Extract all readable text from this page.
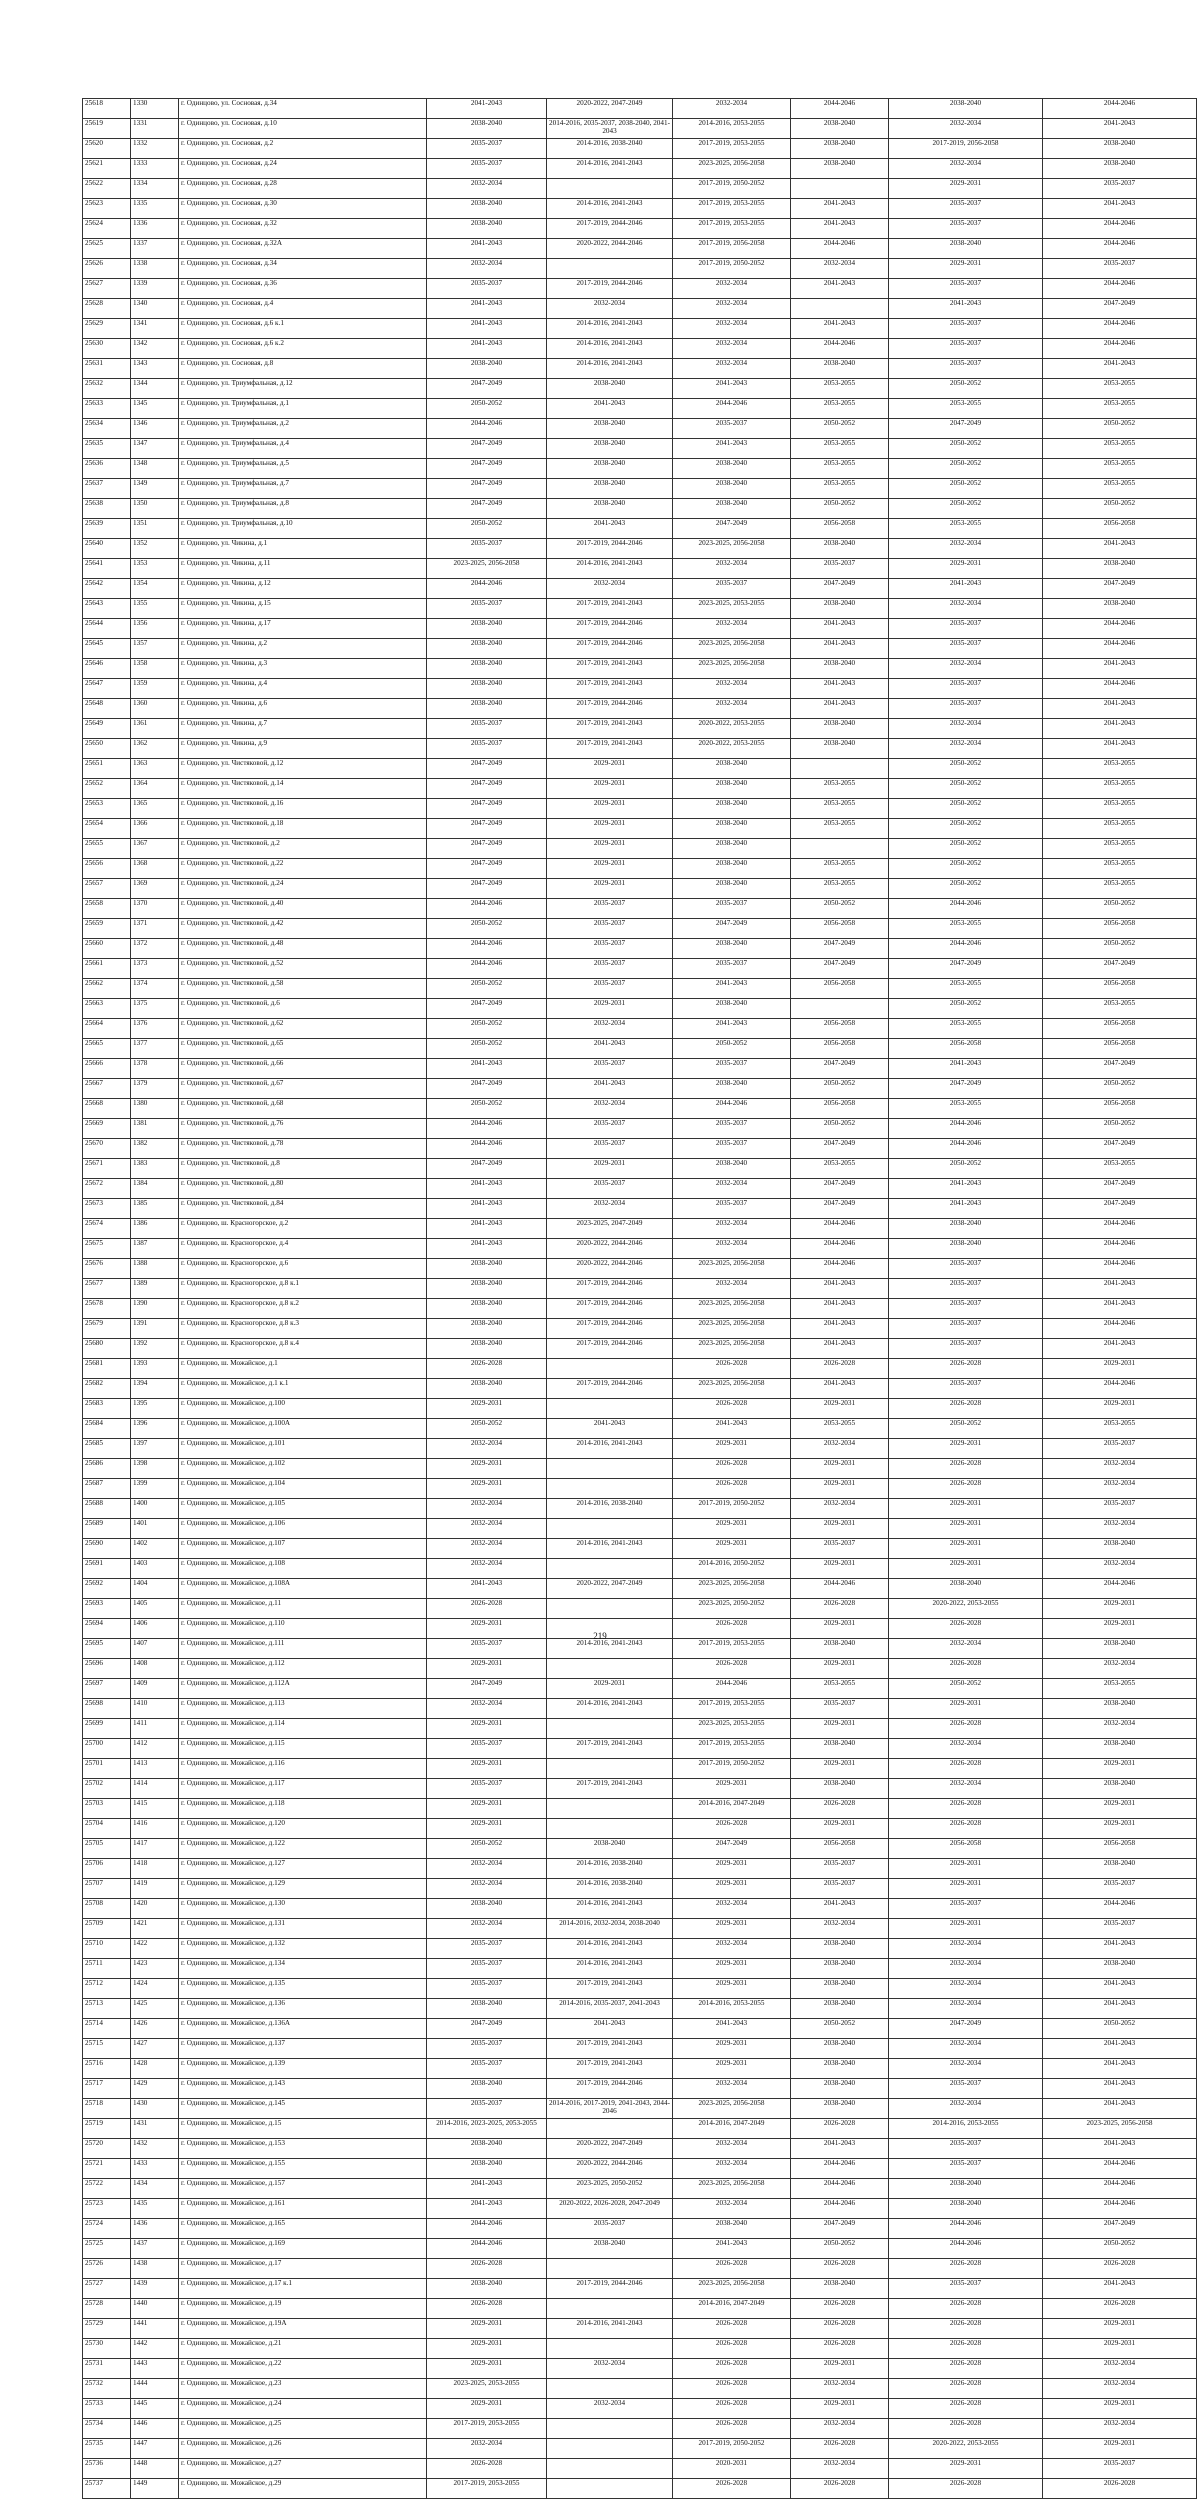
25618	1330	г. Одинцово, ул. Сосновая, д.34	2041-2043	2020-2022, 2047-2049	2032-2034	2044-2046	2038-2040	2044-2046
25619	1331	г. Одинцово, ул. Сосновая, д.10	2038-2040	2014-2016, 2035-2037, 2038-2040, 2041-2043	2014-2016, 2053-2055	2038-2040	2032-2034	2041-2043
25620	1332	г. Одинцово, ул. Сосновая, д.2	2035-2037	2014-2016, 2038-2040	2017-2019, 2053-2055	2038-2040	2017-2019, 2056-2058	2038-2040
25621	1333	г. Одинцово, ул. Сосновая, д.24	2035-2037	2014-2016, 2041-2043	2023-2025, 2056-2058	2038-2040	2032-2034	2038-2040
25622	1334	г. Одинцово, ул. Сосновая, д.28	2032-2034		2017-2019, 2050-2052		2029-2031	2035-2037
25623	1335	г. Одинцово, ул. Сосновая, д.30	2038-2040	2014-2016, 2041-2043	2017-2019, 2053-2055	2041-2043	2035-2037	2041-2043
25624	1336	г. Одинцово, ул. Сосновая, д.32	2038-2040	2017-2019, 2044-2046	2017-2019, 2053-2055	2041-2043	2035-2037	2044-2046
25625	1337	г. Одинцово, ул. Сосновая, д.32А	2041-2043	2020-2022, 2044-2046	2017-2019, 2056-2058	2044-2046	2038-2040	2044-2046
25626	1338	г. Одинцово, ул. Сосновая, д.34	2032-2034		2017-2019, 2050-2052	2032-2034	2029-2031	2035-2037
25627	1339	г. Одинцово, ул. Сосновая, д.36	2035-2037	2017-2019, 2044-2046	2032-2034	2041-2043	2035-2037	2044-2046
25628	1340	г. Одинцово, ул. Сосновая, д.4	2041-2043	2032-2034	2032-2034		2041-2043	2047-2049
25629	1341	г. Одинцово, ул. Сосновая, д.6 к.1	2041-2043	2014-2016, 2041-2043	2032-2034	2041-2043	2035-2037	2044-2046
25630	1342	г. Одинцово, ул. Сосновая, д.6 к.2	2041-2043	2014-2016, 2041-2043	2032-2034	2044-2046	2035-2037	2044-2046
25631	1343	г. Одинцово, ул. Сосновая, д.8	2038-2040	2014-2016, 2041-2043	2032-2034	2038-2040	2035-2037	2041-2043
25632	1344	г. Одинцово, ул. Триумфальная, д.12	2047-2049	2038-2040	2041-2043	2053-2055	2050-2052	2053-2055
25633	1345	г. Одинцово, ул. Триумфальная, д.1	2050-2052	2041-2043	2044-2046	2053-2055	2053-2055	2053-2055
25634	1346	г. Одинцово, ул. Триумфальная, д.2	2044-2046	2038-2040	2035-2037	2050-2052	2047-2049	2050-2052
25635	1347	г. Одинцово, ул. Триумфальная, д.4	2047-2049	2038-2040	2041-2043	2053-2055	2050-2052	2053-2055
25636	1348	г. Одинцово, ул. Триумфальная, д.5	2047-2049	2038-2040	2038-2040	2053-2055	2050-2052	2053-2055
25637	1349	г. Одинцово, ул. Триумфальная, д.7	2047-2049	2038-2040	2038-2040	2053-2055	2050-2052	2053-2055
25638	1350	г. Одинцово, ул. Триумфальная, д.8	2047-2049	2038-2040	2038-2040	2050-2052	2050-2052	2050-2052
25639	1351	г. Одинцово, ул. Триумфальная, д.10	2050-2052	2041-2043	2047-2049	2056-2058	2053-2055	2056-2058
25640	1352	г. Одинцово, ул. Чикина, д.1	2035-2037	2017-2019, 2044-2046	2023-2025, 2056-2058	2038-2040	2032-2034	2041-2043
25641	1353	г. Одинцово, ул. Чикина, д.11	2023-2025, 2056-2058	2014-2016, 2041-2043	2032-2034	2035-2037	2029-2031	2038-2040
25642	1354	г. Одинцово, ул. Чикина, д.12	2044-2046	2032-2034	2035-2037	2047-2049	2041-2043	2047-2049
25643	1355	г. Одинцово, ул. Чикина, д.15	2035-2037	2017-2019, 2041-2043	2023-2025, 2053-2055	2038-2040	2032-2034	2038-2040
25644	1356	г. Одинцово, ул. Чикина, д.17	2038-2040	2017-2019, 2044-2046	2032-2034	2041-2043	2035-2037	2044-2046
25645	1357	г. Одинцово, ул. Чикина, д.2	2038-2040	2017-2019, 2044-2046	2023-2025, 2056-2058	2041-2043	2035-2037	2044-2046
25646	1358	г. Одинцово, ул. Чикина, д.3	2038-2040	2017-2019, 2041-2043	2023-2025, 2056-2058	2038-2040	2032-2034	2041-2043
25647	1359	г. Одинцово, ул. Чикина, д.4	2038-2040	2017-2019, 2041-2043	2032-2034	2041-2043	2035-2037	2044-2046
25648	1360	г. Одинцово, ул. Чикина, д.6	2038-2040	2017-2019, 2044-2046	2032-2034	2041-2043	2035-2037	2041-2043
25649	1361	г. Одинцово, ул. Чикина, д.7	2035-2037	2017-2019, 2041-2043	2020-2022, 2053-2055	2038-2040	2032-2034	2041-2043
25650	1362	г. Одинцово, ул. Чикина, д.9	2035-2037	2017-2019, 2041-2043	2020-2022, 2053-2055	2038-2040	2032-2034	2041-2043
25651	1363	г. Одинцово, ул. Чистяковой, д.12	2047-2049	2029-2031	2038-2040		2050-2052	2053-2055
25652	1364	г. Одинцово, ул. Чистяковой, д.14	2047-2049	2029-2031	2038-2040	2053-2055	2050-2052	2053-2055
25653	1365	г. Одинцово, ул. Чистяковой, д.16	2047-2049	2029-2031	2038-2040	2053-2055	2050-2052	2053-2055
25654	1366	г. Одинцово, ул. Чистяковой, д.18	2047-2049	2029-2031	2038-2040	2053-2055	2050-2052	2053-2055
25655	1367	г. Одинцово, ул. Чистяковой, д.2	2047-2049	2029-2031	2038-2040		2050-2052	2053-2055
25656	1368	г. Одинцово, ул. Чистяковой, д.22	2047-2049	2029-2031	2038-2040	2053-2055	2050-2052	2053-2055
25657	1369	г. Одинцово, ул. Чистяковой, д.24	2047-2049	2029-2031	2038-2040	2053-2055	2050-2052	2053-2055
25658	1370	г. Одинцово, ул. Чистяковой, д.40	2044-2046	2035-2037	2035-2037	2050-2052	2044-2046	2050-2052
25659	1371	г. Одинцово, ул. Чистяковой, д.42	2050-2052	2035-2037	2047-2049	2056-2058	2053-2055	2056-2058
25660	1372	г. Одинцово, ул. Чистяковой, д.48	2044-2046	2035-2037	2038-2040	2047-2049	2044-2046	2050-2052
25661	1373	г. Одинцово, ул. Чистяковой, д.52	2044-2046	2035-2037	2035-2037	2047-2049	2047-2049	2047-2049
25662	1374	г. Одинцово, ул. Чистяковой, д.58	2050-2052	2035-2037	2041-2043	2056-2058	2053-2055	2056-2058
25663	1375	г. Одинцово, ул. Чистяковой, д.6	2047-2049	2029-2031	2038-2040		2050-2052	2053-2055
25664	1376	г. Одинцово, ул. Чистяковой, д.62	2050-2052	2032-2034	2041-2043	2056-2058	2053-2055	2056-2058
25665	1377	г. Одинцово, ул. Чистяковой, д.65	2050-2052	2041-2043	2050-2052	2056-2058	2056-2058	2056-2058
25666	1378	г. Одинцово, ул. Чистяковой, д.66	2041-2043	2035-2037	2035-2037	2047-2049	2041-2043	2047-2049
25667	1379	г. Одинцово, ул. Чистяковой, д.67	2047-2049	2041-2043	2038-2040	2050-2052	2047-2049	2050-2052
25668	1380	г. Одинцово, ул. Чистяковой, д.68	2050-2052	2032-2034	2044-2046	2056-2058	2053-2055	2056-2058
25669	1381	г. Одинцово, ул. Чистяковой, д.76	2044-2046	2035-2037	2035-2037	2050-2052	2044-2046	2050-2052
25670	1382	г. Одинцово, ул. Чистяковой, д.78	2044-2046	2035-2037	2035-2037	2047-2049	2044-2046	2047-2049
25671	1383	г. Одинцово, ул. Чистяковой, д.8	2047-2049	2029-2031	2038-2040	2053-2055	2050-2052	2053-2055
25672	1384	г. Одинцово, ул. Чистяковой, д.80	2041-2043	2035-2037	2032-2034	2047-2049	2041-2043	2047-2049
25673	1385	г. Одинцово, ул. Чистяковой, д.84	2041-2043	2032-2034	2035-2037	2047-2049	2041-2043	2047-2049
25674	1386	г. Одинцово, ш. Красногорское, д.2	2041-2043	2023-2025, 2047-2049	2032-2034	2044-2046	2038-2040	2044-2046
25675	1387	г. Одинцово, ш. Красногорское, д.4	2041-2043	2020-2022, 2044-2046	2032-2034	2044-2046	2038-2040	2044-2046
25676	1388	г. Одинцово, ш. Красногорское, д.6	2038-2040	2020-2022, 2044-2046	2023-2025, 2056-2058	2044-2046	2035-2037	2044-2046
25677	1389	г. Одинцово, ш. Красногорское, д.8 к.1	2038-2040	2017-2019, 2044-2046	2032-2034	2041-2043	2035-2037	2041-2043
25678	1390	г. Одинцово, ш. Красногорское, д.8 к.2	2038-2040	2017-2019, 2044-2046	2023-2025, 2056-2058	2041-2043	2035-2037	2041-2043
25679	1391	г. Одинцово, ш. Красногорское, д.8 к.3	2038-2040	2017-2019, 2044-2046	2023-2025, 2056-2058	2041-2043	2035-2037	2044-2046
25680	1392	г. Одинцово, ш. Красногорское, д.8 к.4	2038-2040	2017-2019, 2044-2046	2023-2025, 2056-2058	2041-2043	2035-2037	2041-2043
25681	1393	г. Одинцово, ш. Можайское, д.1	2026-2028		2026-2028	2026-2028	2026-2028	2029-2031
25682	1394	г. Одинцово, ш. Можайское, д.1 к.1	2038-2040	2017-2019, 2044-2046	2023-2025, 2056-2058	2041-2043	2035-2037	2044-2046
25683	1395	г. Одинцово, ш. Можайское, д.100	2029-2031		2026-2028	2029-2031	2026-2028	2029-2031
25684	1396	г. Одинцово, ш. Можайское, д.100А	2050-2052	2041-2043	2041-2043	2053-2055	2050-2052	2053-2055
25685	1397	г. Одинцово, ш. Можайское, д.101	2032-2034	2014-2016, 2041-2043	2029-2031	2032-2034	2029-2031	2035-2037
25686	1398	г. Одинцово, ш. Можайское, д.102	2029-2031		2026-2028	2029-2031	2026-2028	2032-2034
25687	1399	г. Одинцово, ш. Можайское, д.104	2029-2031		2026-2028	2029-2031	2026-2028	2032-2034
25688	1400	г. Одинцово, ш. Можайское, д.105	2032-2034	2014-2016, 2038-2040	2017-2019, 2050-2052	2032-2034	2029-2031	2035-2037
25689	1401	г. Одинцово, ш. Можайское, д.106	2032-2034		2029-2031	2029-2031	2029-2031	2032-2034
25690	1402	г. Одинцово, ш. Можайское, д.107	2032-2034	2014-2016, 2041-2043	2029-2031	2035-2037	2029-2031	2038-2040
25691	1403	г. Одинцово, ш. Можайское, д.108	2032-2034		2014-2016, 2050-2052	2029-2031	2029-2031	2032-2034
25692	1404	г. Одинцово, ш. Можайское, д.108А	2041-2043	2020-2022, 2047-2049	2023-2025, 2056-2058	2044-2046	2038-2040	2044-2046
25693	1405	г. Одинцово, ш. Можайское, д.11	2026-2028		2023-2025, 2050-2052	2026-2028	2020-2022, 2053-2055	2029-2031
25694	1406	г. Одинцово, ш. Можайское, д.110	2029-2031		2026-2028	2029-2031	2026-2028	2029-2031
25695	1407	г. Одинцово, ш. Можайское, д.111	2035-2037	2014-2016, 2041-2043	2017-2019, 2053-2055	2038-2040	2032-2034	2038-2040
25696	1408	г. Одинцово, ш. Можайское, д.112	2029-2031		2026-2028	2029-2031	2026-2028	2032-2034
25697	1409	г. Одинцово, ш. Можайское, д.112А	2047-2049	2029-2031	2044-2046	2053-2055	2050-2052	2053-2055
25698	1410	г. Одинцово, ш. Можайское, д.113	2032-2034	2014-2016, 2041-2043	2017-2019, 2053-2055	2035-2037	2029-2031	2038-2040
25699	1411	г. Одинцово, ш. Можайское, д.114	2029-2031		2023-2025, 2053-2055	2029-2031	2026-2028	2032-2034
25700	1412	г. Одинцово, ш. Можайское, д.115	2035-2037	2017-2019, 2041-2043	2017-2019, 2053-2055	2038-2040	2032-2034	2038-2040
25701	1413	г. Одинцово, ш. Можайское, д.116	2029-2031		2017-2019, 2050-2052	2029-2031	2026-2028	2029-2031
25702	1414	г. Одинцово, ш. Можайское, д.117	2035-2037	2017-2019, 2041-2043	2029-2031	2038-2040	2032-2034	2038-2040
25703	1415	г. Одинцово, ш. Можайское, д.118	2029-2031		2014-2016, 2047-2049	2026-2028	2026-2028	2029-2031
25704	1416	г. Одинцово, ш. Можайское, д.120	2029-2031		2026-2028	2029-2031	2026-2028	2029-2031
25705	1417	г. Одинцово, ш. Можайское, д.122	2050-2052	2038-2040	2047-2049	2056-2058	2056-2058	2056-2058
25706	1418	г. Одинцово, ш. Можайское, д.127	2032-2034	2014-2016, 2038-2040	2029-2031	2035-2037	2029-2031	2038-2040
25707	1419	г. Одинцово, ш. Можайское, д.129	2032-2034	2014-2016, 2038-2040	2029-2031	2035-2037	2029-2031	2035-2037
25708	1420	г. Одинцово, ш. Можайское, д.130	2038-2040	2014-2016, 2041-2043	2032-2034	2041-2043	2035-2037	2044-2046
25709	1421	г. Одинцово, ш. Можайское, д.131	2032-2034	2014-2016, 2032-2034, 2038-2040	2029-2031	2032-2034	2029-2031	2035-2037
25710	1422	г. Одинцово, ш. Можайское, д.132	2035-2037	2014-2016, 2041-2043	2032-2034	2038-2040	2032-2034	2041-2043
25711	1423	г. Одинцово, ш. Можайское, д.134	2035-2037	2014-2016, 2041-2043	2029-2031	2038-2040	2032-2034	2038-2040
25712	1424	г. Одинцово, ш. Можайское, д.135	2035-2037	2017-2019, 2041-2043	2029-2031	2038-2040	2032-2034	2041-2043
25713	1425	г. Одинцово, ш. Можайское, д.136	2038-2040	2014-2016, 2035-2037, 2041-2043	2014-2016, 2053-2055	2038-2040	2032-2034	2041-2043
25714	1426	г. Одинцово, ш. Можайское, д.136А	2047-2049	2041-2043	2041-2043	2050-2052	2047-2049	2050-2052
25715	1427	г. Одинцово, ш. Можайское, д.137	2035-2037	2017-2019, 2041-2043	2029-2031	2038-2040	2032-2034	2041-2043
25716	1428	г. Одинцово, ш. Можайское, д.139	2035-2037	2017-2019, 2041-2043	2029-2031	2038-2040	2032-2034	2041-2043
25717	1429	г. Одинцово, ш. Можайское, д.143	2038-2040	2017-2019, 2044-2046	2032-2034	2038-2040	2035-2037	2041-2043
25718	1430	г. Одинцово, ш. Можайское, д.145	2035-2037	2014-2016, 2017-2019, 2041-2043, 2044-2046	2023-2025, 2056-2058	2038-2040	2032-2034	2041-2043
25719	1431	г. Одинцово, ш. Можайское, д.15	2014-2016, 2023-2025, 2053-2055		2014-2016, 2047-2049	2026-2028	2014-2016, 2053-2055	2023-2025, 2056-2058
25720	1432	г. Одинцово, ш. Можайское, д.153	2038-2040	2020-2022, 2047-2049	2032-2034	2041-2043	2035-2037	2041-2043
25721	1433	г. Одинцово, ш. Можайское, д.155	2038-2040	2020-2022, 2044-2046	2032-2034	2044-2046	2035-2037	2044-2046
25722	1434	г. Одинцово, ш. Можайское, д.157	2041-2043	2023-2025, 2050-2052	2023-2025, 2056-2058	2044-2046	2038-2040	2044-2046
25723	1435	г. Одинцово, ш. Можайское, д.161	2041-2043	2020-2022, 2026-2028, 2047-2049	2032-2034	2044-2046	2038-2040	2044-2046
25724	1436	г. Одинцово, ш. Можайское, д.165	2044-2046	2035-2037	2038-2040	2047-2049	2044-2046	2047-2049
25725	1437	г. Одинцово, ш. Можайское, д.169	2044-2046	2038-2040	2041-2043	2050-2052	2044-2046	2050-2052
25726	1438	г. Одинцово, ш. Можайское, д.17	2026-2028		2026-2028	2026-2028	2026-2028	2026-2028
25727	1439	г. Одинцово, ш. Можайское, д.17 к.1	2038-2040	2017-2019, 2044-2046	2023-2025, 2056-2058	2038-2040	2035-2037	2041-2043
25728	1440	г. Одинцово, ш. Можайское, д.19	2026-2028		2014-2016, 2047-2049	2026-2028	2026-2028	2026-2028
25729	1441	г. Одинцово, ш. Можайское, д.19А	2029-2031	2014-2016, 2041-2043	2026-2028	2026-2028	2026-2028	2029-2031
25730	1442	г. Одинцово, ш. Можайское, д.21	2029-2031		2026-2028	2026-2028	2026-2028	2029-2031
25731	1443	г. Одинцово, ш. Можайское, д.22	2029-2031	2032-2034	2026-2028	2029-2031	2026-2028	2032-2034
25732	1444	г. Одинцово, ш. Можайское, д.23	2023-2025, 2053-2055		2026-2028	2032-2034	2026-2028	2032-2034
25733	1445	г. Одинцово, ш. Можайское, д.24	2029-2031	2032-2034	2026-2028	2029-2031	2026-2028	2029-2031
25734	1446	г. Одинцово, ш. Можайское, д.25	2017-2019, 2053-2055		2026-2028	2032-2034	2026-2028	2032-2034
25735	1447	г. Одинцово, ш. Можайское, д.26	2032-2034		2017-2019, 2050-2052	2026-2028	2020-2022, 2053-2055	2029-2031
25736	1448	г. Одинцово, ш. Можайское, д.27	2026-2028		2020-2031	2032-2034	2029-2031	2035-2037
25737	1449	г. Одинцово, ш. Можайское, д.29	2017-2019, 2053-2055		2026-2028	2026-2028	2026-2028	2026-2028
219
